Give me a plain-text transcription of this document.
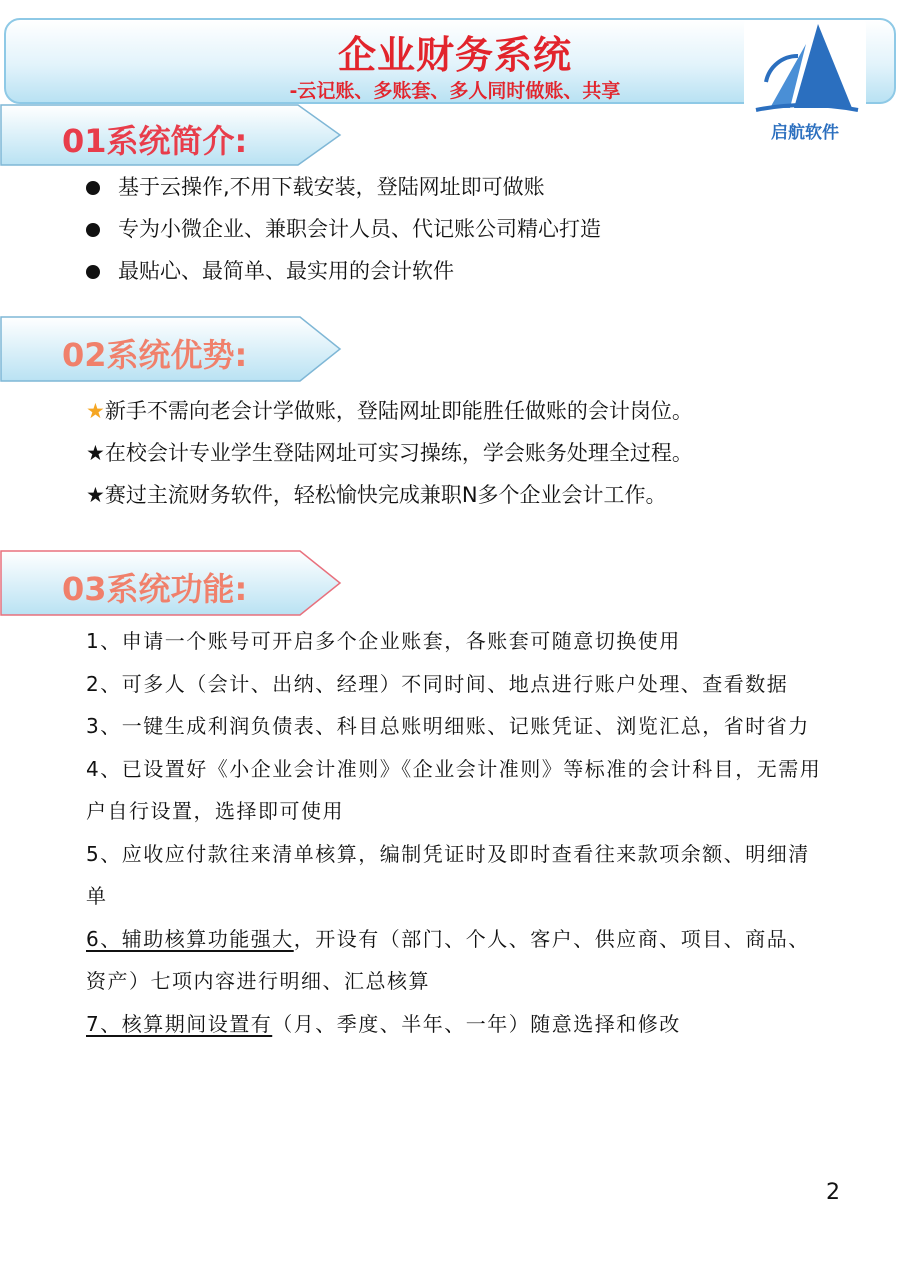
企业财务系统
-云记账、多账套、多人同时做账、共享
启航软件
01系统简介:
基于云操作,不用下载安装，登陆网址即可做账
专为小微企业、兼职会计人员、代记账公司精心打造
最贴心、最简单、最实用的会计软件
02系统优势:
★新手不需向老会计学做账，登陆网址即能胜任做账的会计岗位。
★在校会计专业学生登陆网址可实习操练，学会账务处理全过程。
★赛过主流财务软件，轻松愉快完成兼职N多个企业会计工作。
03系统功能:
1、申请一个账号可开启多个企业账套，各账套可随意切换使用
2、可多人（会计、出纳、经理）不同时间、地点进行账户处理、查看数据
3、一键生成利润负债表、科目总账明细账、记账凭证、浏览汇总，省时省力
4、已设置好《小企业会计准则》《企业会计准则》等标准的会计科目，无需用户自行设置，选择即可使用
5、应收应付款往来清单核算，编制凭证时及即时查看往来款项余额、明细清单
6、辅助核算功能强大，开设有（部门、个人、客户、供应商、项目、商品、资产）七项内容进行明细、汇总核算
7、核算期间设置有（月、季度、半年、一年）随意选择和修改
2
